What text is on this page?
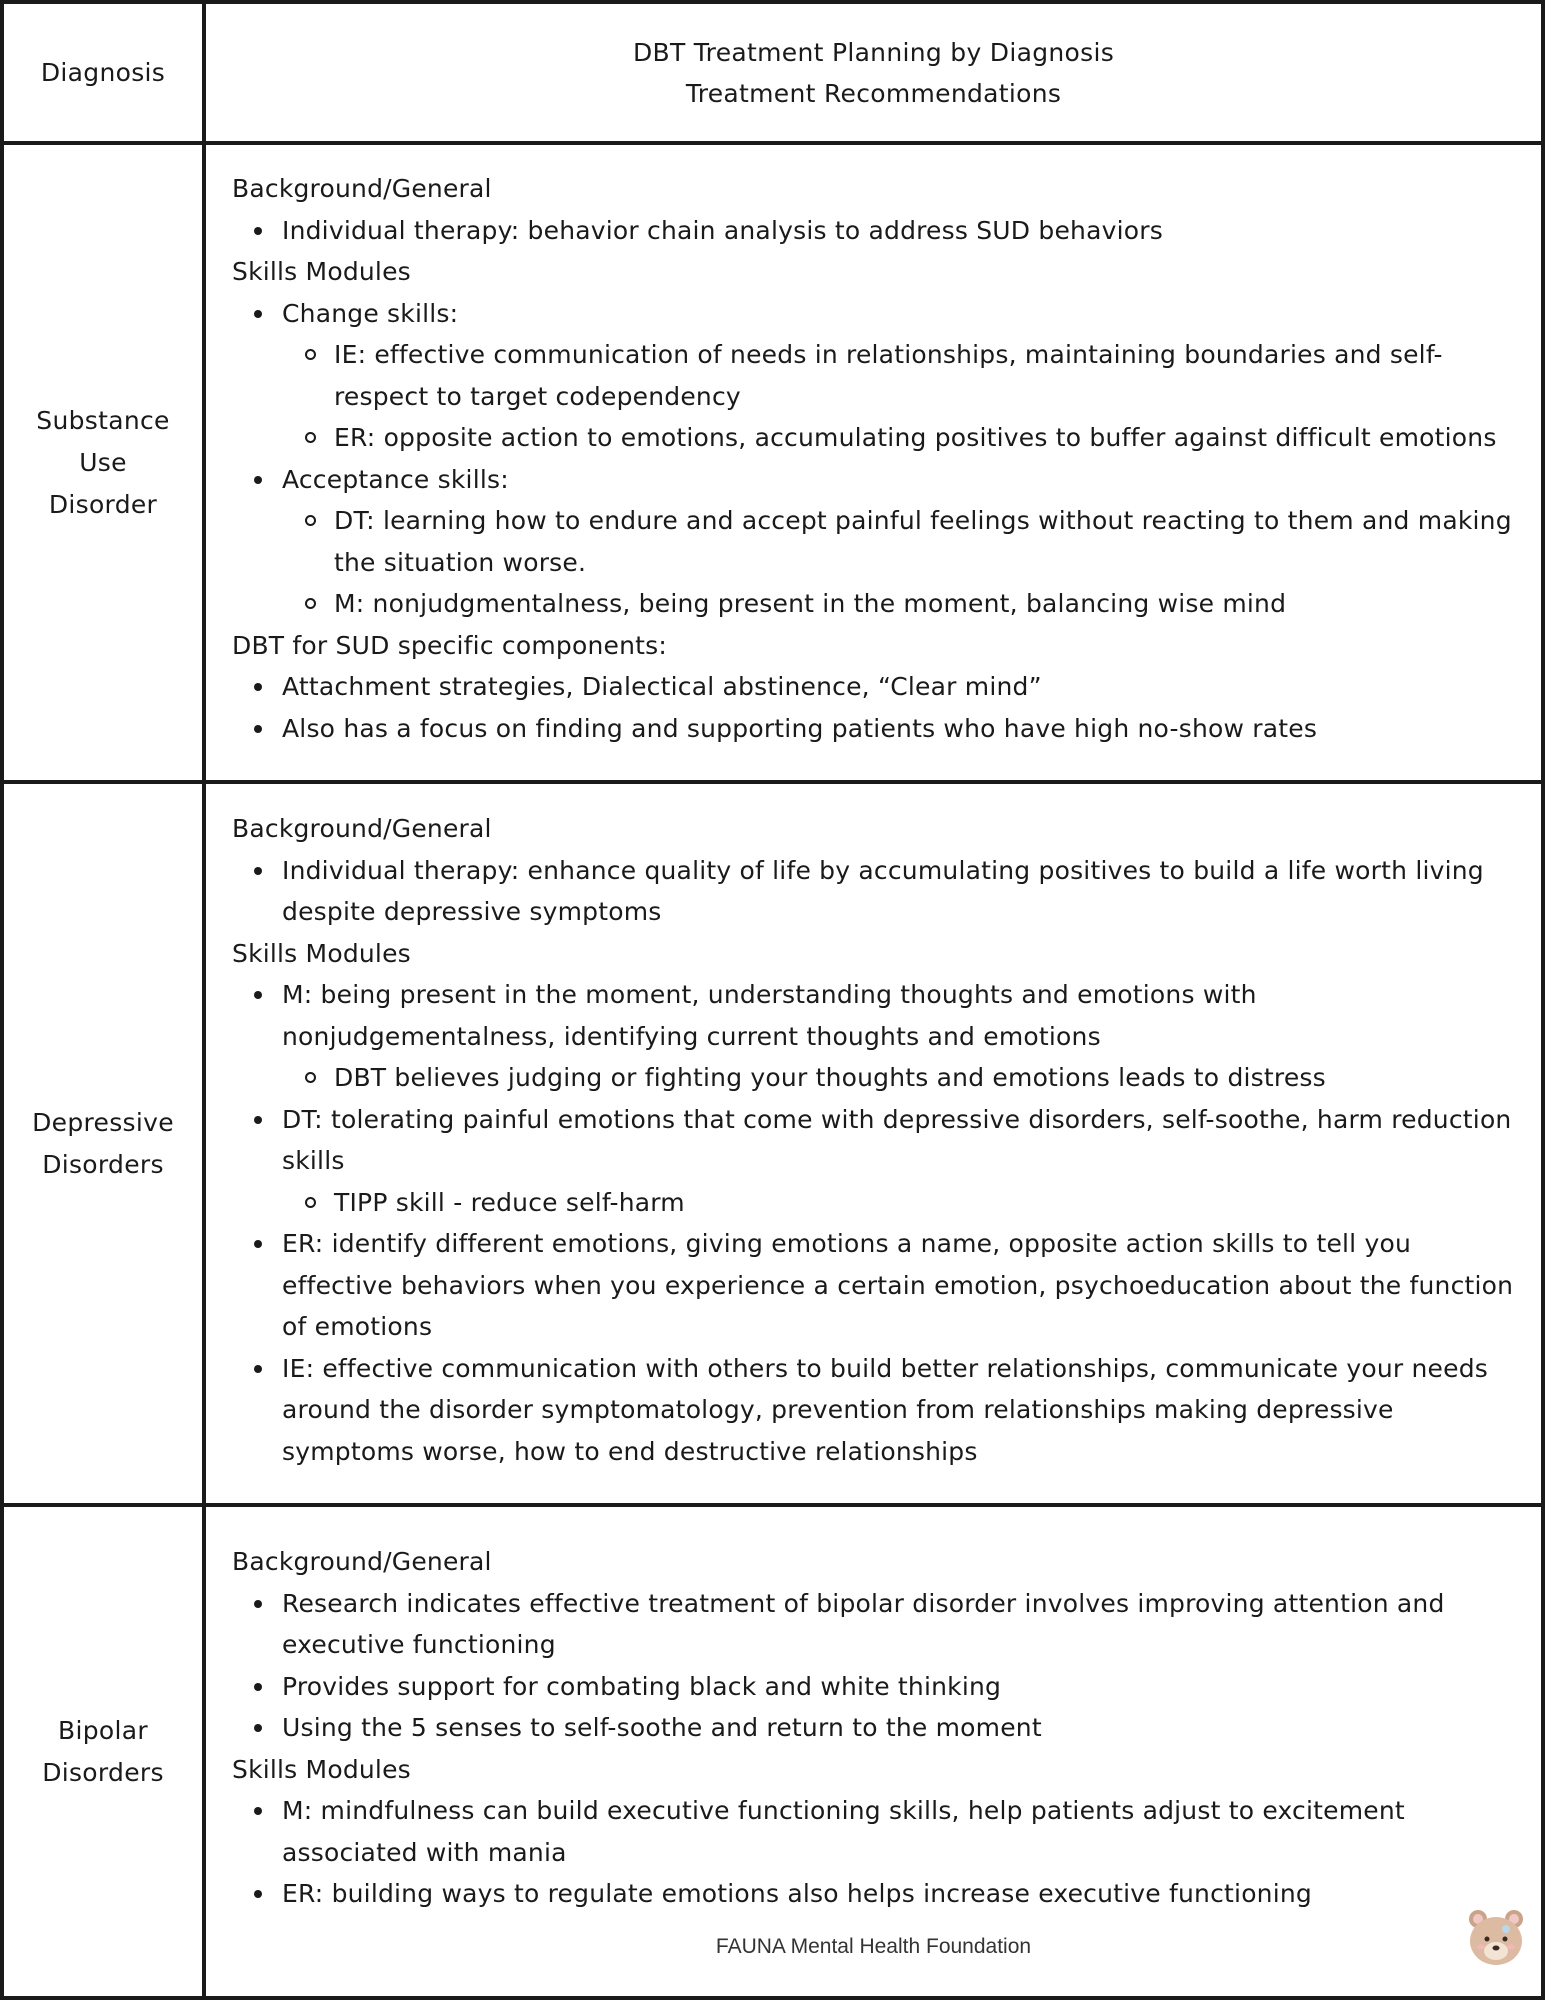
Diagnosis
DBT Treatment Planning by Diagnosis
Treatment Recommendations
Substance
Use
Disorder

Background/General

Individual therapy: behavior chain analysis to address SUD behaviors

Skills Modules

Change skills:
IE: effective communication of needs in relationships, maintaining boundaries and self-respect to target codependency
ER: opposite action to emotions, accumulating positives to buffer against difficult emotions
Acceptance skills:
DT: learning how to endure and accept painful feelings without reacting to them and making the situation worse.
M: nonjudgmentalness, being present in the moment, balancing wise mind

DBT for SUD specific components:

Attachment strategies, Dialectical abstinence, “Clear mind”
Also has a focus on finding and supporting patients who have high no-show rates
Depressive
Disorders

Background/General

Individual therapy: enhance quality of life by accumulating positives to build a life worth living despite depressive symptoms

Skills Modules

M: being present in the moment, understanding thoughts and emotions with nonjudgementalness, identifying current thoughts and emotions
DBT believes judging or fighting your thoughts and emotions leads to distress
DT: tolerating painful emotions that come with depressive disorders, self-soothe, harm reduction skills
TIPP skill - reduce self-harm
ER: identify different emotions, giving emotions a name, opposite action skills to tell you effective behaviors when you experience a certain emotion, psychoeducation about the function of emotions
IE: effective communication with others to build better relationships, communicate your needs around the disorder symptomatology, prevention from relationships making depressive symptoms worse, how to end destructive relationships
Bipolar
Disorders

Background/General

Research indicates effective treatment of bipolar disorder involves improving attention and executive functioning
Provides support for combating black and white thinking
Using the 5 senses to self-soothe and return to the moment

Skills Modules

M: mindfulness can build executive functioning skills, help patients adjust to excitement associated with mania
ER: building ways to regulate emotions also helps increase executive functioning
FAUNA Mental Health Foundation
